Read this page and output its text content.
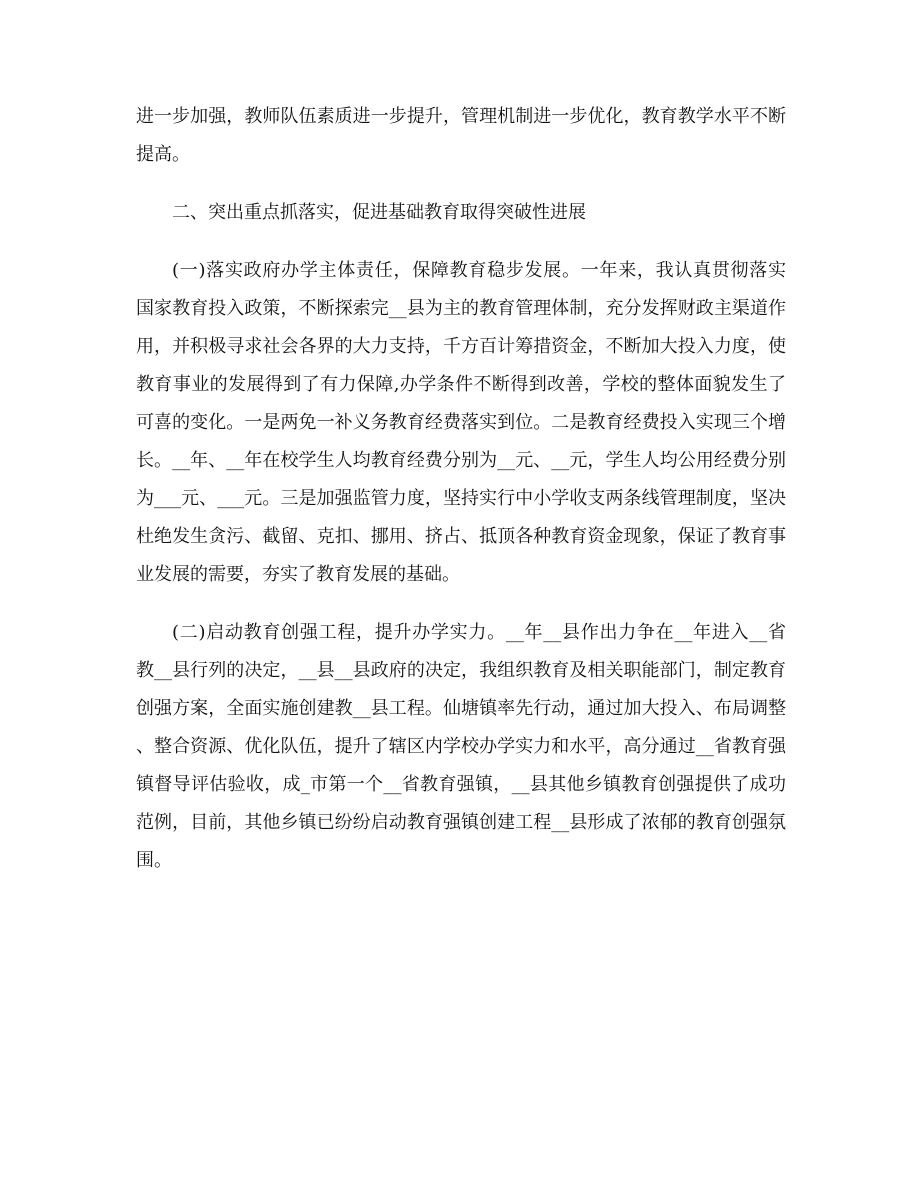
进一步加强，教师队伍素质进一步提升，管理机制进一步优化，教育教学水平不断
提高。
二、突出重点抓落实，促进基础教育取得突破性进展
(一)落实政府办学主体责任，保障教育稳步发展。一年来，我认真贯彻落实
国家教育投入政策，不断探索完__县为主的教育管理体制，充分发挥财政主渠道作
用，并积极寻求社会各界的大力支持，千方百计筹措资金，不断加大投入力度，使
教育事业的发展得到了有力保障,办学条件不断得到改善，学校的整体面貌发生了
可喜的变化。一是两免一补义务教育经费落实到位。二是教育经费投入实现三个增
长。__年、__年在校学生人均教育经费分别为__元、__元，学生人均公用经费分别
为___元、___元。三是加强监管力度，坚持实行中小学收支两条线管理制度，坚决
杜绝发生贪污、截留、克扣、挪用、挤占、抵顶各种教育资金现象，保证了教育事
业发展的需要，夯实了教育发展的基础。
(二)启动教育创强工程，提升办学实力。__年__县作出力争在__年进入__省
教__县行列的决定，__县__县政府的决定，我组织教育及相关职能部门，制定教育
创强方案，全面实施创建教__县工程。仙塘镇率先行动，通过加大投入、布局调整
、整合资源、优化队伍，提升了辖区内学校办学实力和水平，高分通过__省教育强
镇督导评估验收，成_市第一个__省教育强镇，__县其他乡镇教育创强提供了成功
范例，目前，其他乡镇已纷纷启动教育强镇创建工程__县形成了浓郁的教育创强氛
围。
